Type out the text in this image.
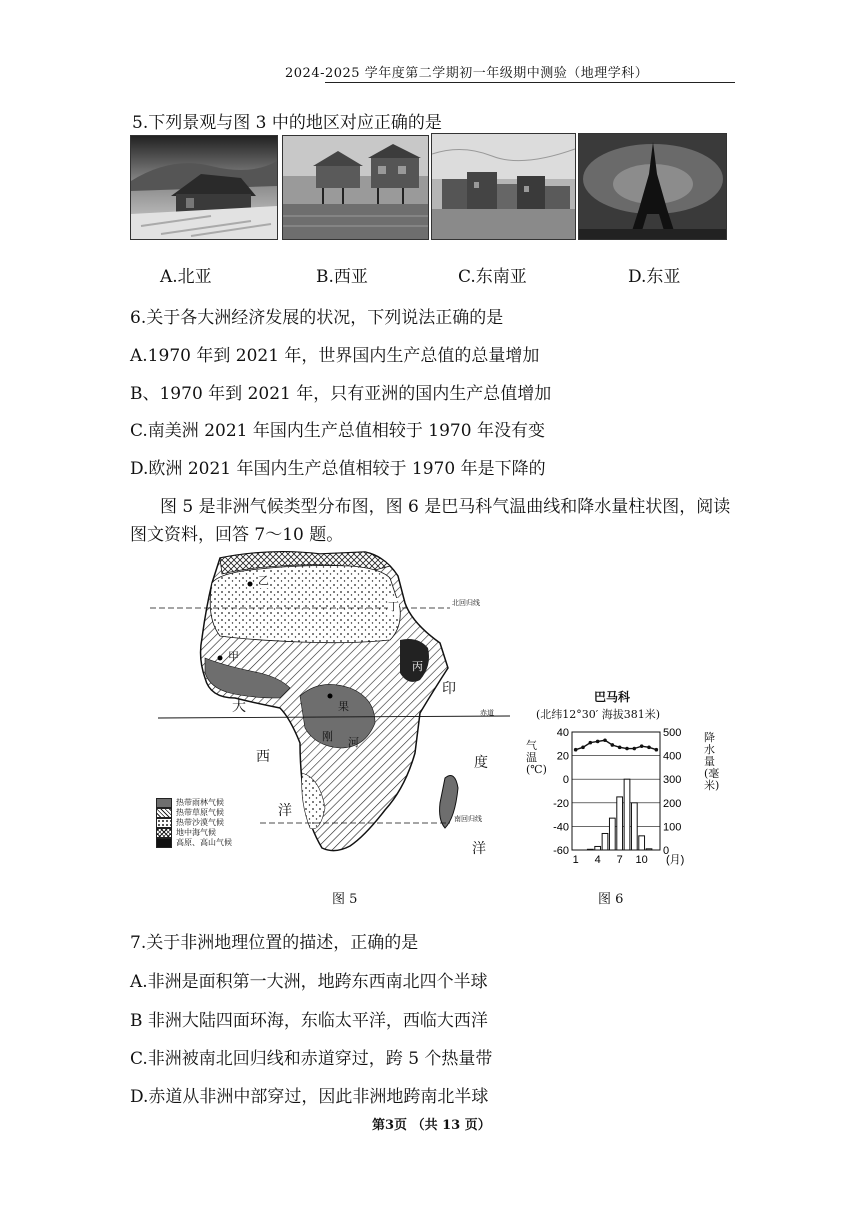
2024-2025 学年度第二学期初一年级期中测验（地理学科）
5.下列景观与图 3 中的地区对应正确的是
A.北亚	B.西亚	C.东南亚	D.东亚
6.关于各大洲经济发展的状况，下列说法正确的是
A.1970 年到 2021 年，世界国内生产总值的总量增加
B、1970 年到 2021 年，只有亚洲的国内生产总值增加
C.南美洲 2021 年国内生产总值相较于 1970 年没有变
D.欧洲 2021 年国内生产总值相较于 1970 年是下降的
图 5 是非洲气候类型分布图，图 6 是巴马科气温曲线和降水量柱状图，阅读
图文资料，回答 7～10 题。
乙
甲
丙
丁
果
刚 河
大
西
洋
印
度
洋
北回归线
赤道
南回归线
热带雨林气候
热带草原气候
热带沙漠气候
地中海气候
高原、高山气候
图 5
巴马科
(北纬12°30′ 海拔381米)
气温(℃)
降水量(毫米)
-60
-40
-20
0
20
40
0
100
200
300
400
500
1 4 7 10 (月)
图 6
7.关于非洲地理位置的描述，正确的是
A.非洲是面积第一大洲，地跨东西南北四个半球
B 非洲大陆四面环海，东临太平洋，西临大西洋
C.非洲被南北回归线和赤道穿过，跨 5 个热量带
D.赤道从非洲中部穿过，因此非洲地跨南北半球
第3页 （共 13 页）
